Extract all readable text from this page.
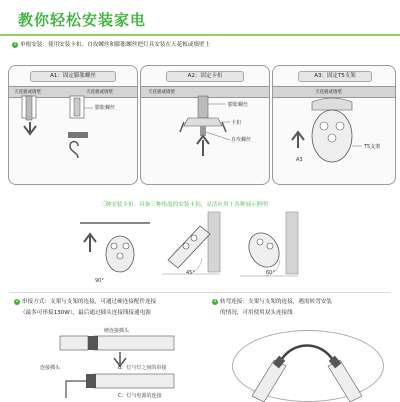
教你轻松安装家电
1 单根安装：使用安装卡扣、自攻螺丝和膨胀螺丝把灯具安装在天花板或墙壁上
A1：固定膨胀螺丝
天花板或墙壁	天花板或墙壁
膨胀螺丝
A2：固定卡扣
天花板或墙壁
膨胀螺丝
卡扣
自攻螺丝
A3：固定T5支架
天花板或墙壁
T5支架
A3
三种安装卡扣：具备三种角度的安装卡扣，灵活应用于各种展示照明
90°
45°	60°
2 串接方式：支架与支架的连接，可通过硬连接配件连接
（最多可串接130W），最后通过插头连接线接通电源
硬连接插头
连接插头	B：灯与灯之间的串接
C：灯与电源的连接
3 转弯连接：支架与支架的连接，遇需转弯安装
的情况，可用使用双头连接线
